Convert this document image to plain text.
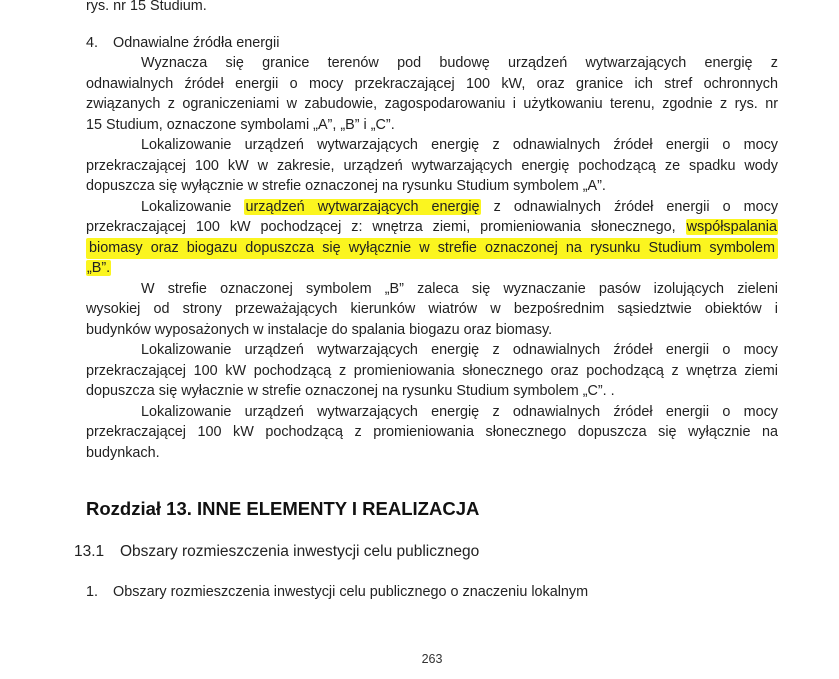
rys. nr 15 Studium.
4. Odnawialne źródła energii
Wyznacza się granice terenów pod budowę urządzeń wytwarzających energię z
odnawialnych źródeł energii o mocy przekraczającej 100 kW, oraz granice ich stref ochronnych
związanych z ograniczeniami w zabudowie, zagospodarowaniu i użytkowaniu terenu, zgodnie z rys. nr
15 Studium, oznaczone symbolami „A”, „B” i „C”.
Lokalizowanie urządzeń wytwarzających energię z odnawialnych źródeł energii o mocy
przekraczającej 100 kW w zakresie, urządzeń wytwarzających energię pochodzącą ze spadku wody
dopuszcza się wyłącznie w strefie oznaczonej na rysunku Studium symbolem „A”.
Lokalizowanie urządzeń wytwarzających energię z odnawialnych źródeł energii o mocy
przekraczającej 100 kW pochodzącej z: wnętrza ziemi, promieniowania słonecznego, współspalania
biomasy oraz biogazu dopuszcza się wyłącznie w strefie oznaczonej na rysunku Studium symbolem
„B”.
W strefie oznaczonej symbolem „B” zaleca się wyznaczanie pasów izolujących zieleni
wysokiej od strony przeważających kierunków wiatrów w bezpośrednim sąsiedztwie obiektów i
budynków wyposażonych w instalacje do spalania biogazu oraz biomasy.
Lokalizowanie urządzeń wytwarzających energię z odnawialnych źródeł energii o mocy
przekraczającej 100 kW pochodzącą z promieniowania słonecznego oraz pochodzącą z wnętrza ziemi
dopuszcza się wyłacznie w strefie oznaczonej na rysunku Studium symbolem „C”. .
Lokalizowanie urządzeń wytwarzających energię z odnawialnych źródeł energii o mocy
przekraczającej 100 kW pochodzącą z promieniowania słonecznego dopuszcza się wyłącznie na
budynkach.
Rozdział 13. INNE ELEMENTY I REALIZACJA
13.1 Obszary rozmieszczenia inwestycji celu publicznego
1. Obszary rozmieszczenia inwestycji celu publicznego o znaczeniu lokalnym
263
